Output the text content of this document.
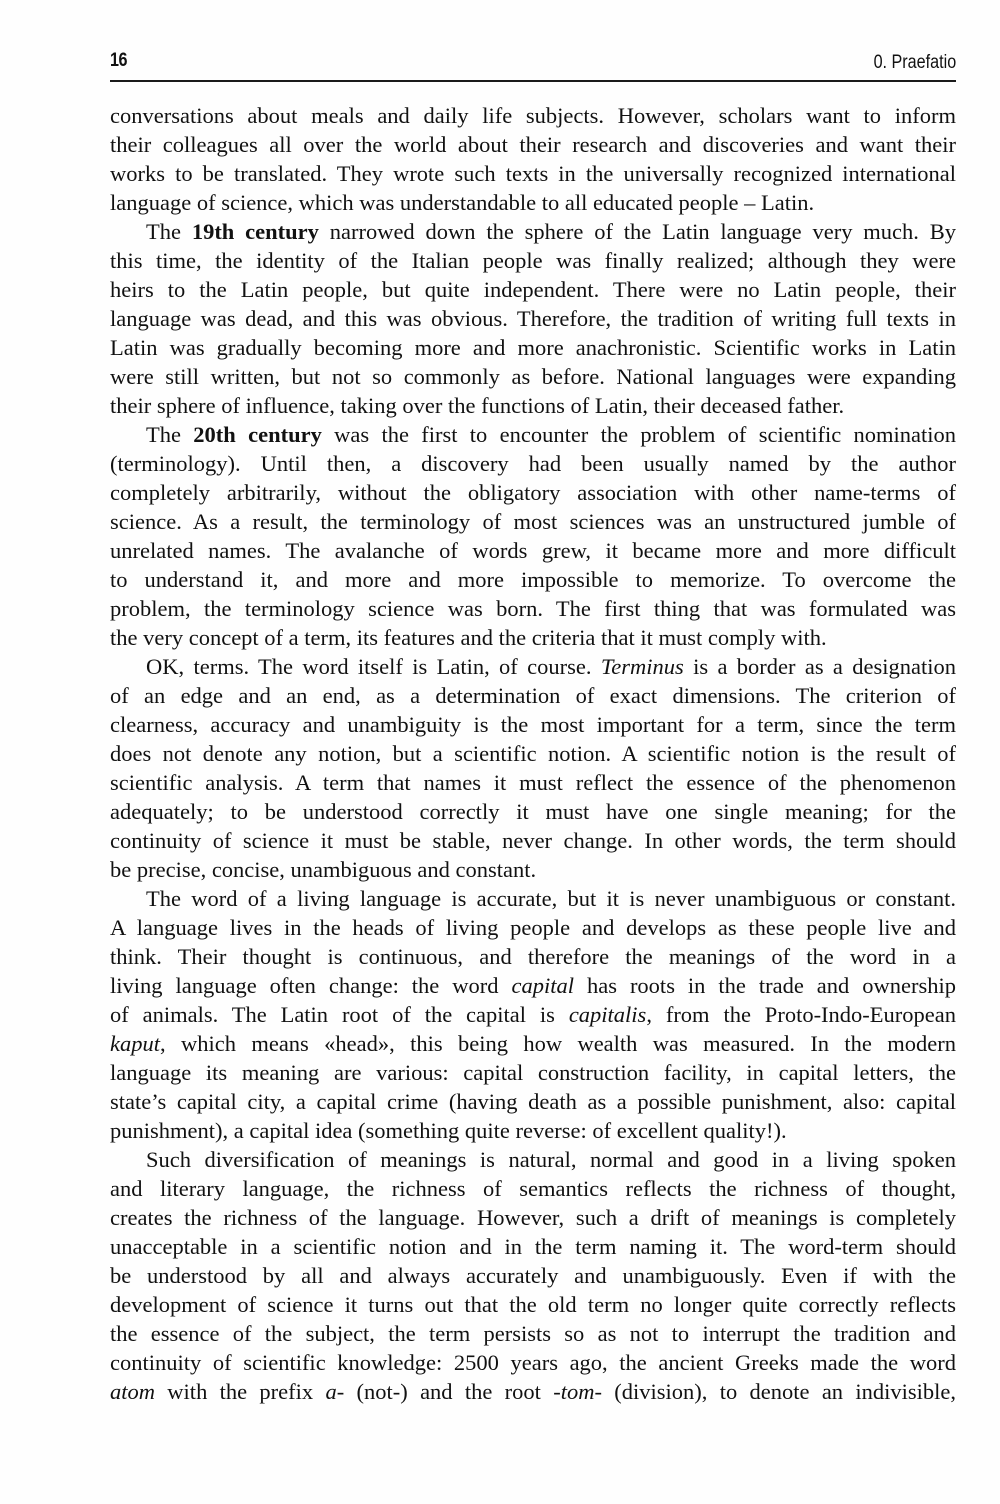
16	0. Praefatio
conversations about meals and daily life subjects. However, scholars want to inform
their colleagues all over the world about their research and discoveries and want their
works to be translated. They wrote such texts in the universally recognized international
language of science, which was understandable to all educated people – Latin.
The 19th century narrowed down the sphere of the Latin language very much. By
this time, the identity of the Italian people was finally realized; although they were
heirs to the Latin people, but quite independent. There were no Latin people, their
language was dead, and this was obvious. Therefore, the tradition of writing full texts in
Latin was gradually becoming more and more anachronistic. Scientific works in Latin
were still written, but not so commonly as before. National languages were expanding
their sphere of influence, taking over the functions of Latin, their deceased father.
The 20th century was the first to encounter the problem of scientific nomination
(terminology). Until then, a discovery had been usually named by the author
completely arbitrarily, without the obligatory association with other name-terms of
science. As a result, the terminology of most sciences was an unstructured jumble of
unrelated names. The avalanche of words grew, it became more and more difficult
to understand it, and more and more impossible to memorize. To overcome the
problem, the terminology science was born. The first thing that was formulated was
the very concept of a term, its features and the criteria that it must comply with.
OK, terms. The word itself is Latin, of course. Terminus is a border as a designation
of an edge and an end, as a determination of exact dimensions. The criterion of
clearness, accuracy and unambiguity is the most important for a term, since the term
does not denote any notion, but a scientific notion. A scientific notion is the result of
scientific analysis. A term that names it must reflect the essence of the phenomenon
adequately; to be understood correctly it must have one single meaning; for the
continuity of science it must be stable, never change. In other words, the term should
be precise, concise, unambiguous and constant.
The word of a living language is accurate, but it is never unambiguous or constant.
A language lives in the heads of living people and develops as these people live and
think. Their thought is continuous, and therefore the meanings of the word in a
living language often change: the word capital has roots in the trade and ownership
of animals. The Latin root of the capital is capitalis, from the Proto-Indo-European
kaput, which means «head», this being how wealth was measured. In the modern
language its meaning are various: capital construction facility, in capital letters, the
state’s capital city, a capital crime (having death as a possible punishment, also: capital
punishment), a capital idea (something quite reverse: of excellent quality!).
Such diversification of meanings is natural, normal and good in a living spoken
and literary language, the richness of semantics reflects the richness of thought,
creates the richness of the language. However, such a drift of meanings is completely
unacceptable in a scientific notion and in the term naming it. The word-term should
be understood by all and always accurately and unambiguously. Even if with the
development of science it turns out that the old term no longer quite correctly reflects
the essence of the subject, the term persists so as not to interrupt the tradition and
continuity of scientific knowledge: 2500 years ago, the ancient Greeks made the word
atom with the prefix a- (not-) and the root -tom- (division), to denote an indivisible,
